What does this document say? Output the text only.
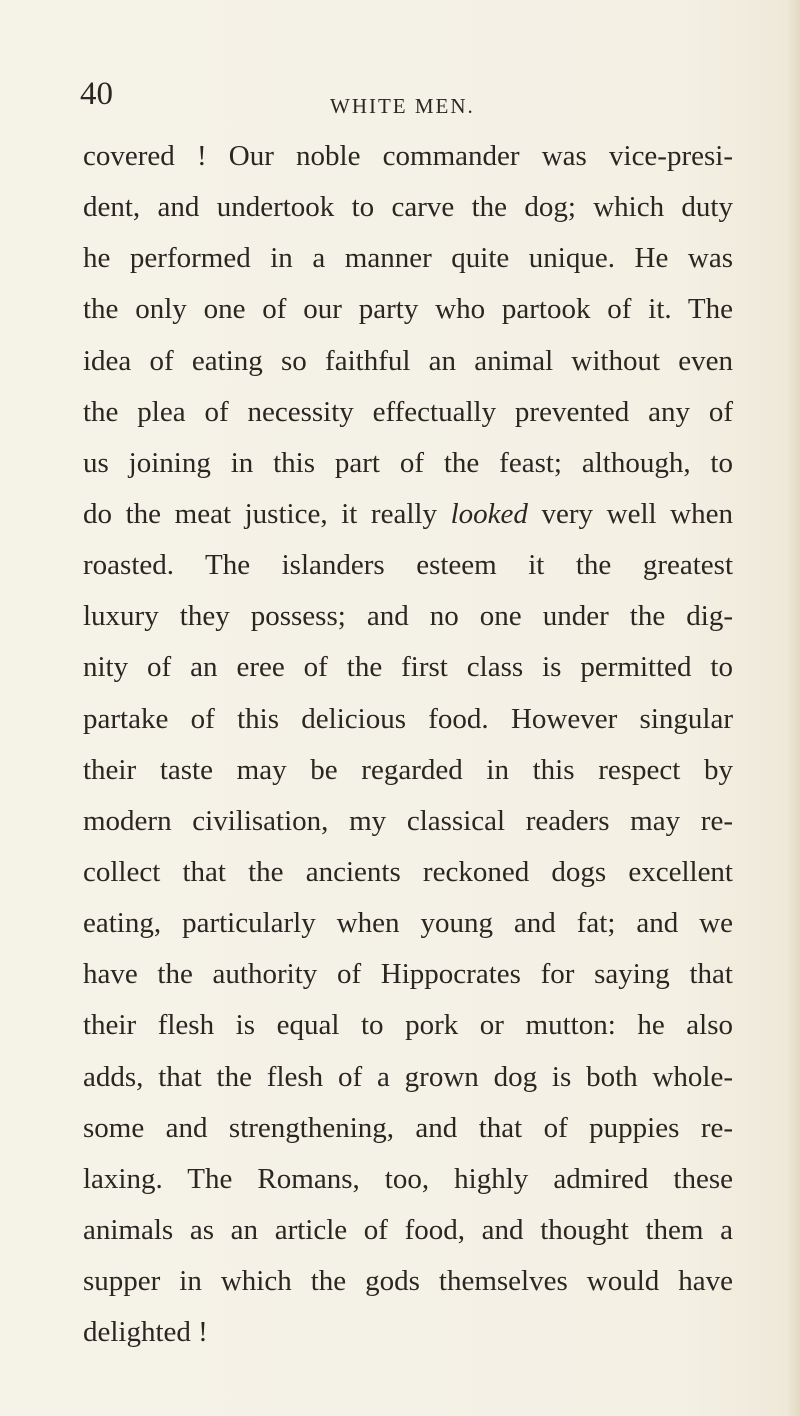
40	WHITE MEN.
covered ! Our noble commander was vice-presi-
dent, and undertook to carve the dog; which duty
he performed in a manner quite unique. He was
the only one of our party who partook of it. The
idea of eating so faithful an animal without even
the plea of necessity effectually prevented any of
us joining in this part of the feast; although, to
do the meat justice, it really looked very well when
roasted. The islanders esteem it the greatest
luxury they possess; and no one under the dig-
nity of an eree of the first class is permitted to
partake of this delicious food. However singular
their taste may be regarded in this respect by
modern civilisation, my classical readers may re-
collect that the ancients reckoned dogs excellent
eating, particularly when young and fat; and we
have the authority of Hippocrates for saying that
their flesh is equal to pork or mutton: he also
adds, that the flesh of a grown dog is both whole-
some and strengthening, and that of puppies re-
laxing. The Romans, too, highly admired these
animals as an article of food, and thought them a
supper in which the gods themselves would have
delighted !
